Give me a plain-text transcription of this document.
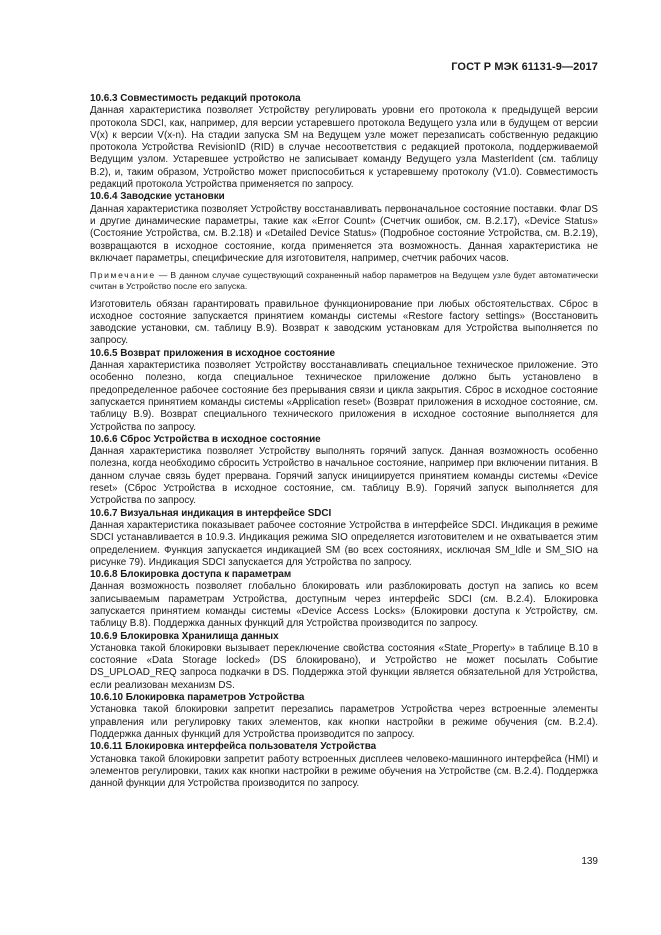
ГОСТ Р МЭК 61131-9—2017

10.6.3 Совместимость редакций протокола

Данная характеристика позволяет Устройству регулировать уровни его протокола к предыдущей версии протокола SDCI, как, например, для версии устаревшего протокола Ведущего узла или в будущем от версии V(x) к версии V(x-n). На стадии запуска SM на Ведущем узле может перезаписать собственную редакцию протокола Устройства RevisionID (RID) в случае несоответствия с редакцией протокола, поддерживаемой Ведущим узлом. Устаревшее устройство не записывает команду Ведущего узла MasterIdent (см. таблицу B.2), и, таким образом, Устройство может приспособиться к устаревшему протоколу (V1.0). Совместимость редакций протокола Устройства применяется по запросу.

10.6.4 Заводские установки

Данная характеристика позволяет Устройству восстанавливать первоначальное состояние поставки. Флаг DS и другие динамические параметры, такие как «Error Count» (Счетчик ошибок, см. B.2.17), «Device Status» (Состояние Устройства, см. B.2.18) и «Detailed Device Status» (Подробное состояние Устройства, см. B.2.19), возвращаются в исходное состояние, когда применяется эта возможность. Данная характеристика не включает параметры, специфические для изготовителя, например, счетчик рабочих часов.

Примечание — В данном случае существующий сохраненный набор параметров на Ведущем узле будет автоматически считан в Устройство после его запуска.

Изготовитель обязан гарантировать правильное функционирование при любых обстоятельствах. Сброс в исходное состояние запускается принятием команды системы «Restore factory settings» (Восстановить заводские установки, см. таблицу B.9). Возврат к заводским установкам для Устройства выполняется по запросу.

10.6.5 Возврат приложения в исходное состояние

Данная характеристика позволяет Устройству восстанавливать специальное техническое приложение. Это особенно полезно, когда специальное техническое приложение должно быть установлено в предопределенное рабочее состояние без прерывания связи и цикла закрытия. Сброс в исходное состояние запускается принятием команды системы «Application reset» (Возврат приложения в исходное состояние, см. таблицу B.9). Возврат специального технического приложения в исходное состояние выполняется для Устройства по запросу.

10.6.6 Сброс Устройства в исходное состояние

Данная характеристика позволяет Устройству выполнять горячий запуск. Данная возможность особенно полезна, когда необходимо сбросить Устройство в начальное состояние, например при включении питания. В данном случае связь будет прервана. Горячий запуск инициируется принятием команды системы «Device reset» (Сброс Устройства в исходное состояние, см. таблицу B.9). Горячий запуск выполняется для Устройства по запросу.

10.6.7 Визуальная индикация в интерфейсе SDCI

Данная характеристика показывает рабочее состояние Устройства в интерфейсе SDCI. Индикация в режиме SDCI устанавливается в 10.9.3. Индикация режима SIO определяется изготовителем и не охватывается этим определением. Функция запускается индикацией SM (во всех состояниях, исключая SM_Idle и SM_SIO на рисунке 79). Индикация SDCI запускается для Устройства по запросу.

10.6.8 Блокировка доступа к параметрам

Данная возможность позволяет глобально блокировать или разблокировать доступ на запись ко всем записываемым параметрам Устройства, доступным через интерфейс SDCI (см. B.2.4). Блокировка запускается принятием команды системы «Device Access Locks» (Блокировки доступа к Устройству, см. таблицу B.8). Поддержка данных функций для Устройства производится по запросу.

10.6.9 Блокировка Хранилища данных

Установка такой блокировки вызывает переключение свойства состояния «State_Property» в таблице B.10 в состояние «Data Storage locked» (DS блокировано), и Устройство не может посылать Событие DS_UPLOAD_REQ запроса подкачки в DS. Поддержка этой функции является обязательной для Устройства, если реализован механизм DS.

10.6.10 Блокировка параметров Устройства

Установка такой блокировки запретит перезапись параметров Устройства через встроенные элементы управления или регулировку таких элементов, как кнопки настройки в режиме обучения (см. B.2.4). Поддержка данных функций для Устройства производится по запросу.

10.6.11 Блокировка интерфейса пользователя Устройства

Установка такой блокировки запретит работу встроенных дисплеев человеко-машинного интерфейса (HMI) и элементов регулировки, таких как кнопки настройки в режиме обучения на Устройстве (см. B.2.4). Поддержка данной функции для Устройства производится по запросу.

139
